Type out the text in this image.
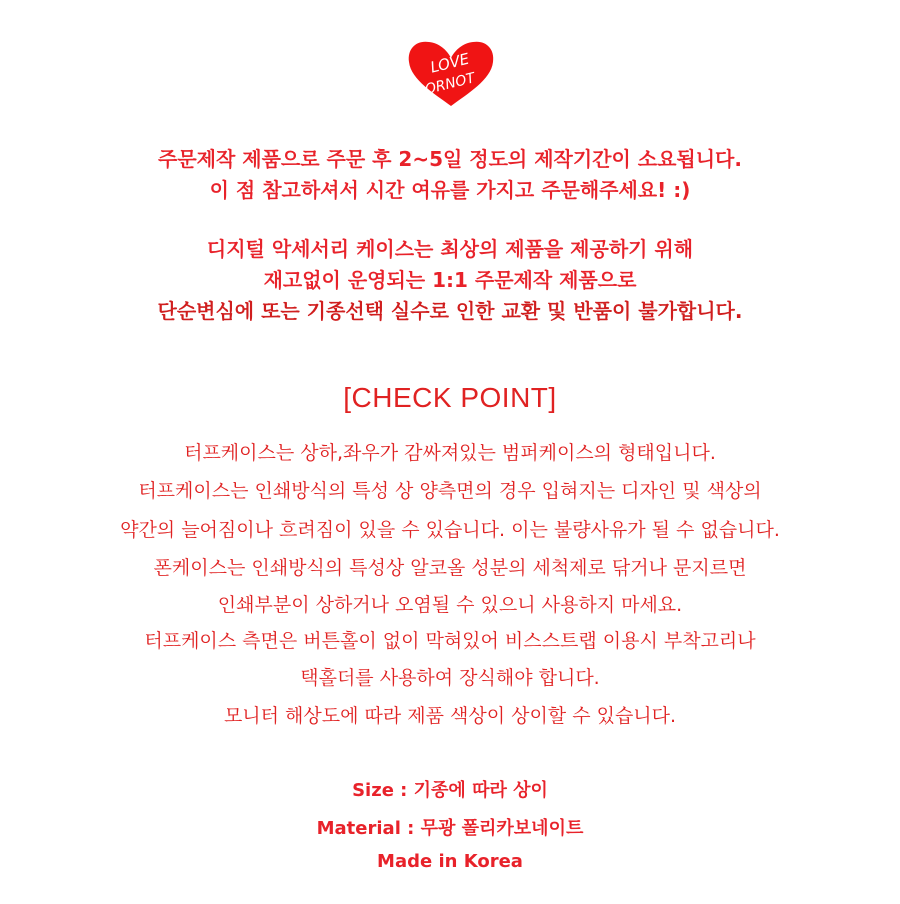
LOVE
ORNOT
주문제작 제품으로 주문 후 2~5일 정도의 제작기간이 소요됩니다.
이 점 참고하셔서 시간 여유를 가지고 주문해주세요! :)
디지털 악세서리 케이스는 최상의 제품을 제공하기 위해
재고없이 운영되는 1:1 주문제작 제품으로
단순변심에 또는 기종선택 실수로 인한 교환 및 반품이 불가합니다.
[CHECK POINT]
터프케이스는 상하,좌우가 감싸져있는 범퍼케이스의 형태입니다.
터프케이스는 인쇄방식의 특성 상 양측면의 경우 입혀지는 디자인 및 색상의
약간의 늘어짐이나 흐려짐이 있을 수 있습니다. 이는 불량사유가 될 수 없습니다.
폰케이스는 인쇄방식의 특성상 알코올 성분의 세척제로 닦거나 문지르면
인쇄부분이 상하거나 오염될 수 있으니 사용하지 마세요.
터프케이스 측면은 버튼홀이 없이 막혀있어 비스스트랩 이용시 부착고리나
택홀더를 사용하여 장식해야 합니다.
모니터 해상도에 따라 제품 색상이 상이할 수 있습니다.
Size : 기종에 따라 상이
Material : 무광 폴리카보네이트
Made in Korea
